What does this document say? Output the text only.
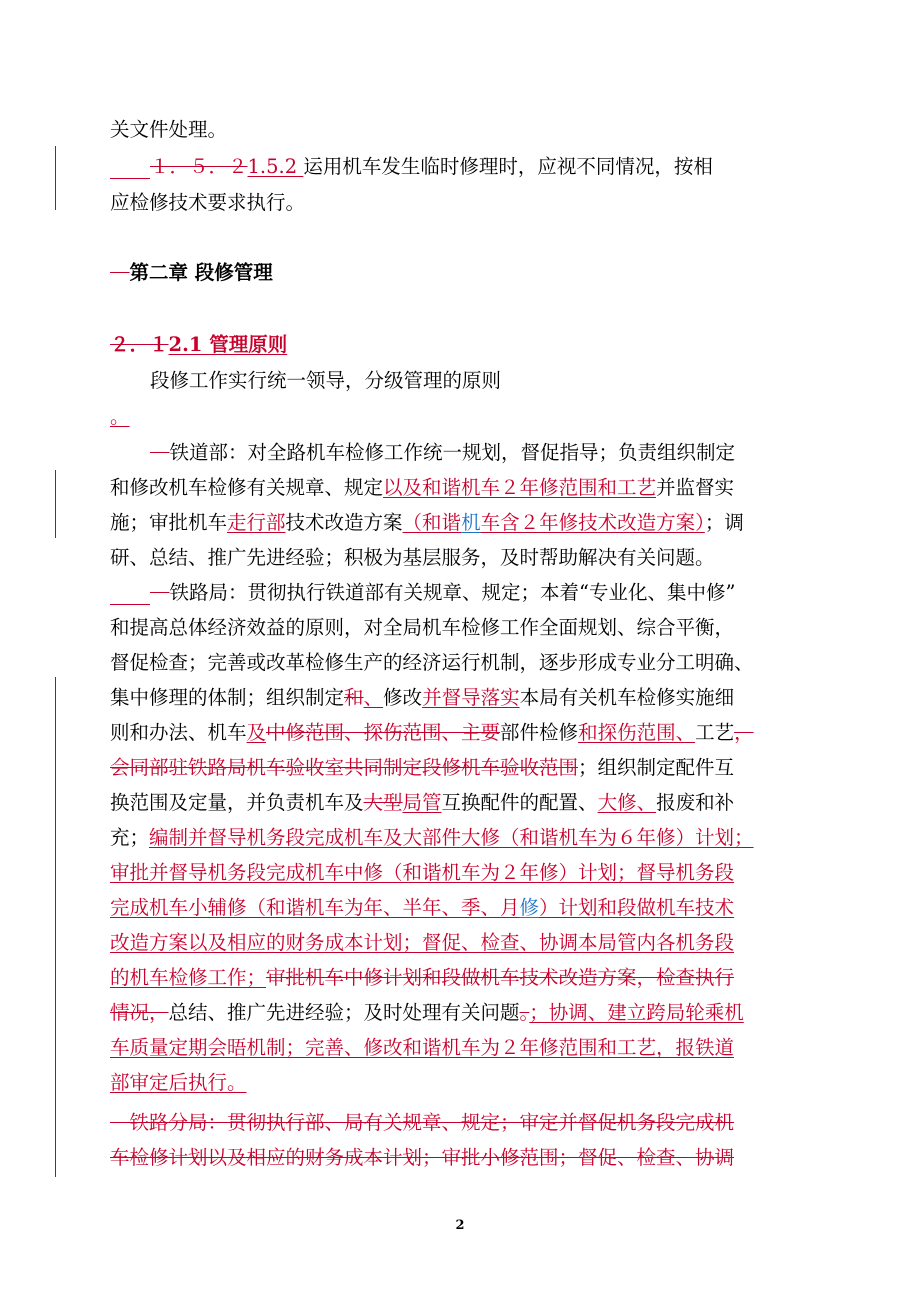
关文件处理。
１．５．２1.5.2 运用机车发生临时修理时，应视不同情况，按相
应检修技术要求执行。
　第二章 段修管理
２．１2.1 管理原则
段修工作实行统一领导，分级管理的原则
。
　铁道部：对全路机车检修工作统一规划，督促指导；负责组织制定
和修改机车检修有关规章、规定以及和谐机车２年修范围和工艺并监督实
施；审批机车走行部技术改造方案（和谐机车含２年修技术改造方案）；调
研、总结、推广先进经验；积极为基层服务，及时帮助解决有关问题。
　铁路局：贯彻执行铁道部有关规章、规定；本着“专业化、集中修”
和提高总体经济效益的原则，对全局机车检修工作全面规划、综合平衡，
督促检查；完善或改革检修生产的经济运行机制，逐步形成专业分工明确、
集中修理的体制；组织制定和、修改并督导落实本局有关机车检修实施细
则和办法、机车及中修范围、探伤范围、主要部件检修和探伤范围、工艺，
会同部驻铁路局机车验收室共同制定段修机车验收范围；组织制定配件互
换范围及定量，并负责机车及大型局管互换配件的配置、大修、报废和补
充；编制并督导机务段完成机车及大部件大修（和谐机车为６年修）计划；
审批并督导机务段完成机车中修（和谐机车为２年修）计划；督导机务段
完成机车小辅修（和谐机车为年、半年、季、月修）计划和段做机车技术
改造方案以及相应的财务成本计划；督促、检查、协调本局管内各机务段
的机车检修工作；审批机车中修计划和段做机车技术改造方案，检查执行
情况，总结、推广先进经验；及时处理有关问题。；协调、建立跨局轮乘机
车质量定期会晤机制；完善、修改和谐机车为２年修范围和工艺，报铁道
部审定后执行。
　铁路分局：贯彻执行部、局有关规章、规定；审定并督促机务段完成机
车检修计划以及相应的财务成本计划；审批小修范围；督促、检查、协调
2
